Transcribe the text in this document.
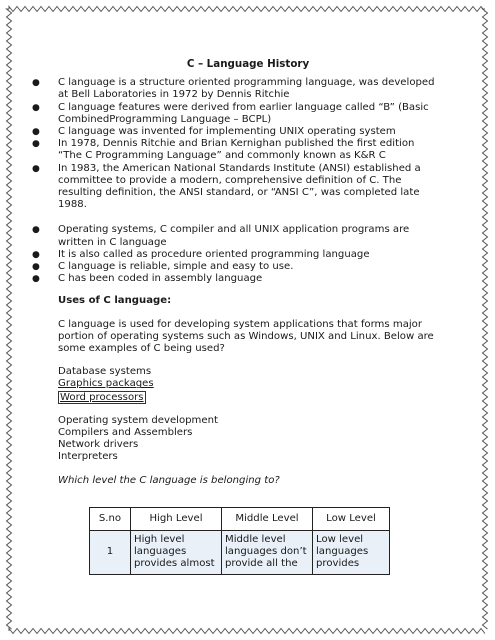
C – Language History
● C language is a structure oriented programming language, was developed at Bell Laboratories in 1972 by Dennis Ritchie
● C language features were derived from earlier language called “B” (Basic CombinedProgramming Language – BCPL)
● C language was invented for implementing UNIX operating system
● In 1978, Dennis Ritchie and Brian Kernighan published the first edition “The C Programming Language” and commonly known as K&R C
● In 1983, the American National Standards Institute (ANSI) established a committee to provide a modern, comprehensive definition of C. The resulting definition, the ANSI standard, or “ANSI C”, was completed late 1988.
● Operating systems, C compiler and all UNIX application programs are written in C language
● It is also called as procedure oriented programming language
● C language is reliable, simple and easy to use.
● C has been coded in assembly language
Uses of C language:
C language is used for developing system applications that forms major portion of operating systems such as Windows, UNIX and Linux. Below are some examples of C being used?
Database systems
Graphics packages
Word processors
Operating system development
Compilers and Assemblers
Network drivers
Interpreters
Which level the C language is belonging to?
S.no	High Level	Middle Level	Low Level
1	High level languages provides almost	Middle level languages don’t provide all the	Low level languages provides
